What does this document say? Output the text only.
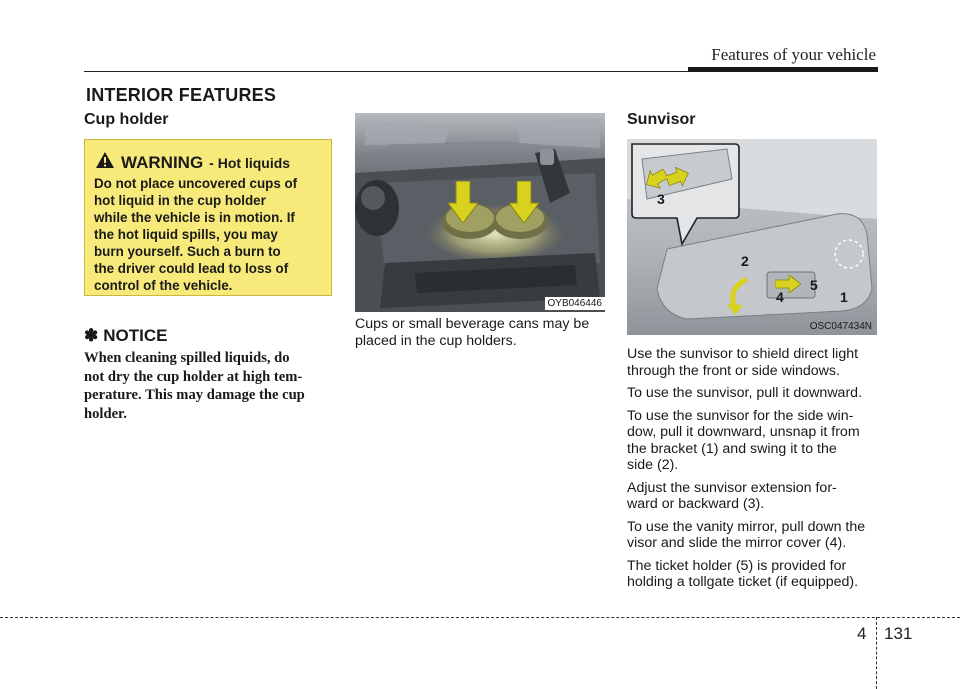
Features of your vehicle
INTERIOR FEATURES
Cup holder
WARNING - Hot liquids
Do not place uncovered cups of
hot liquid in the cup holder
while the vehicle is in motion. If
the hot liquid spills, you may
burn yourself. Such a burn to
the driver could lead to loss of
control of the vehicle.
✽ NOTICE
When cleaning spilled liquids, do
not dry the cup holder at high tem-
perature. This may damage the cup
holder.
OYB046446
Cups or small beverage cans may be
placed in the cup holders.
Sunvisor
3
2
5
4	1
OSC047434N
Use the sunvisor to shield direct light
through the front or side windows.
To use the sunvisor, pull it downward.
To use the sunvisor for the side win-
dow, pull it downward, unsnap it from
the bracket (1) and swing it to the
side (2).
Adjust the sunvisor extension for-
ward or backward (3).
To use the vanity mirror, pull down the
visor and slide the mirror cover (4).
The ticket holder (5) is provided for
holding a tollgate ticket (if equipped).
4 131
